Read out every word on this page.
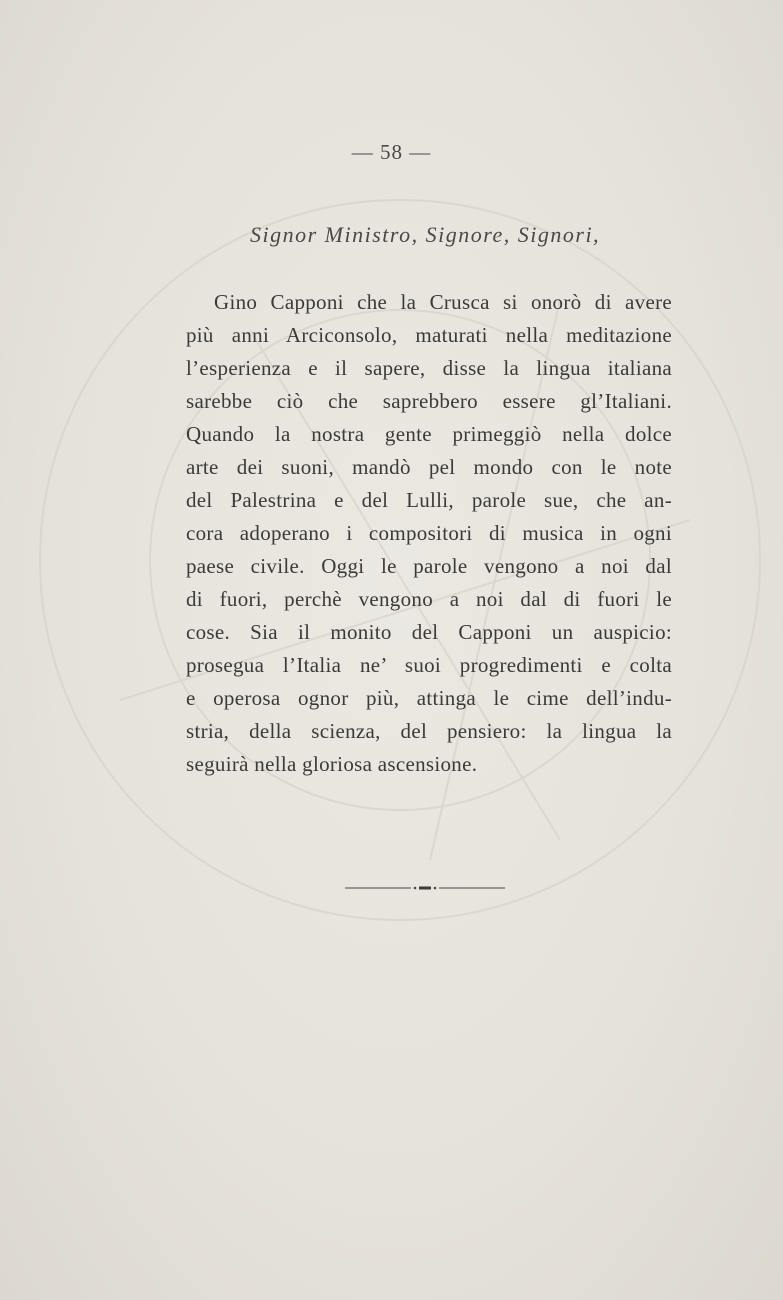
— 58 —
Signor Ministro, Signore, Signori,
Gino Capponi che la Crusca si onorò di avere
più anni Arciconsolo, maturati nella meditazione
l’esperienza e il sapere, disse la lingua italiana
sarebbe ciò che saprebbero essere gl’Italiani.
Quando la nostra gente primeggiò nella dolce
arte dei suoni, mandò pel mondo con le note
del Palestrina e del Lulli, parole sue, che an-
cora adoperano i compositori di musica in ogni
paese civile. Oggi le parole vengono a noi dal
di fuori, perchè vengono a noi dal di fuori le
cose. Sia il monito del Capponi un auspicio:
prosegua l’Italia ne’ suoi progredimenti e colta
e operosa ognor più, attinga le cime dell’indu-
stria, della scienza, del pensiero: la lingua la
seguirà nella gloriosa ascensione.
